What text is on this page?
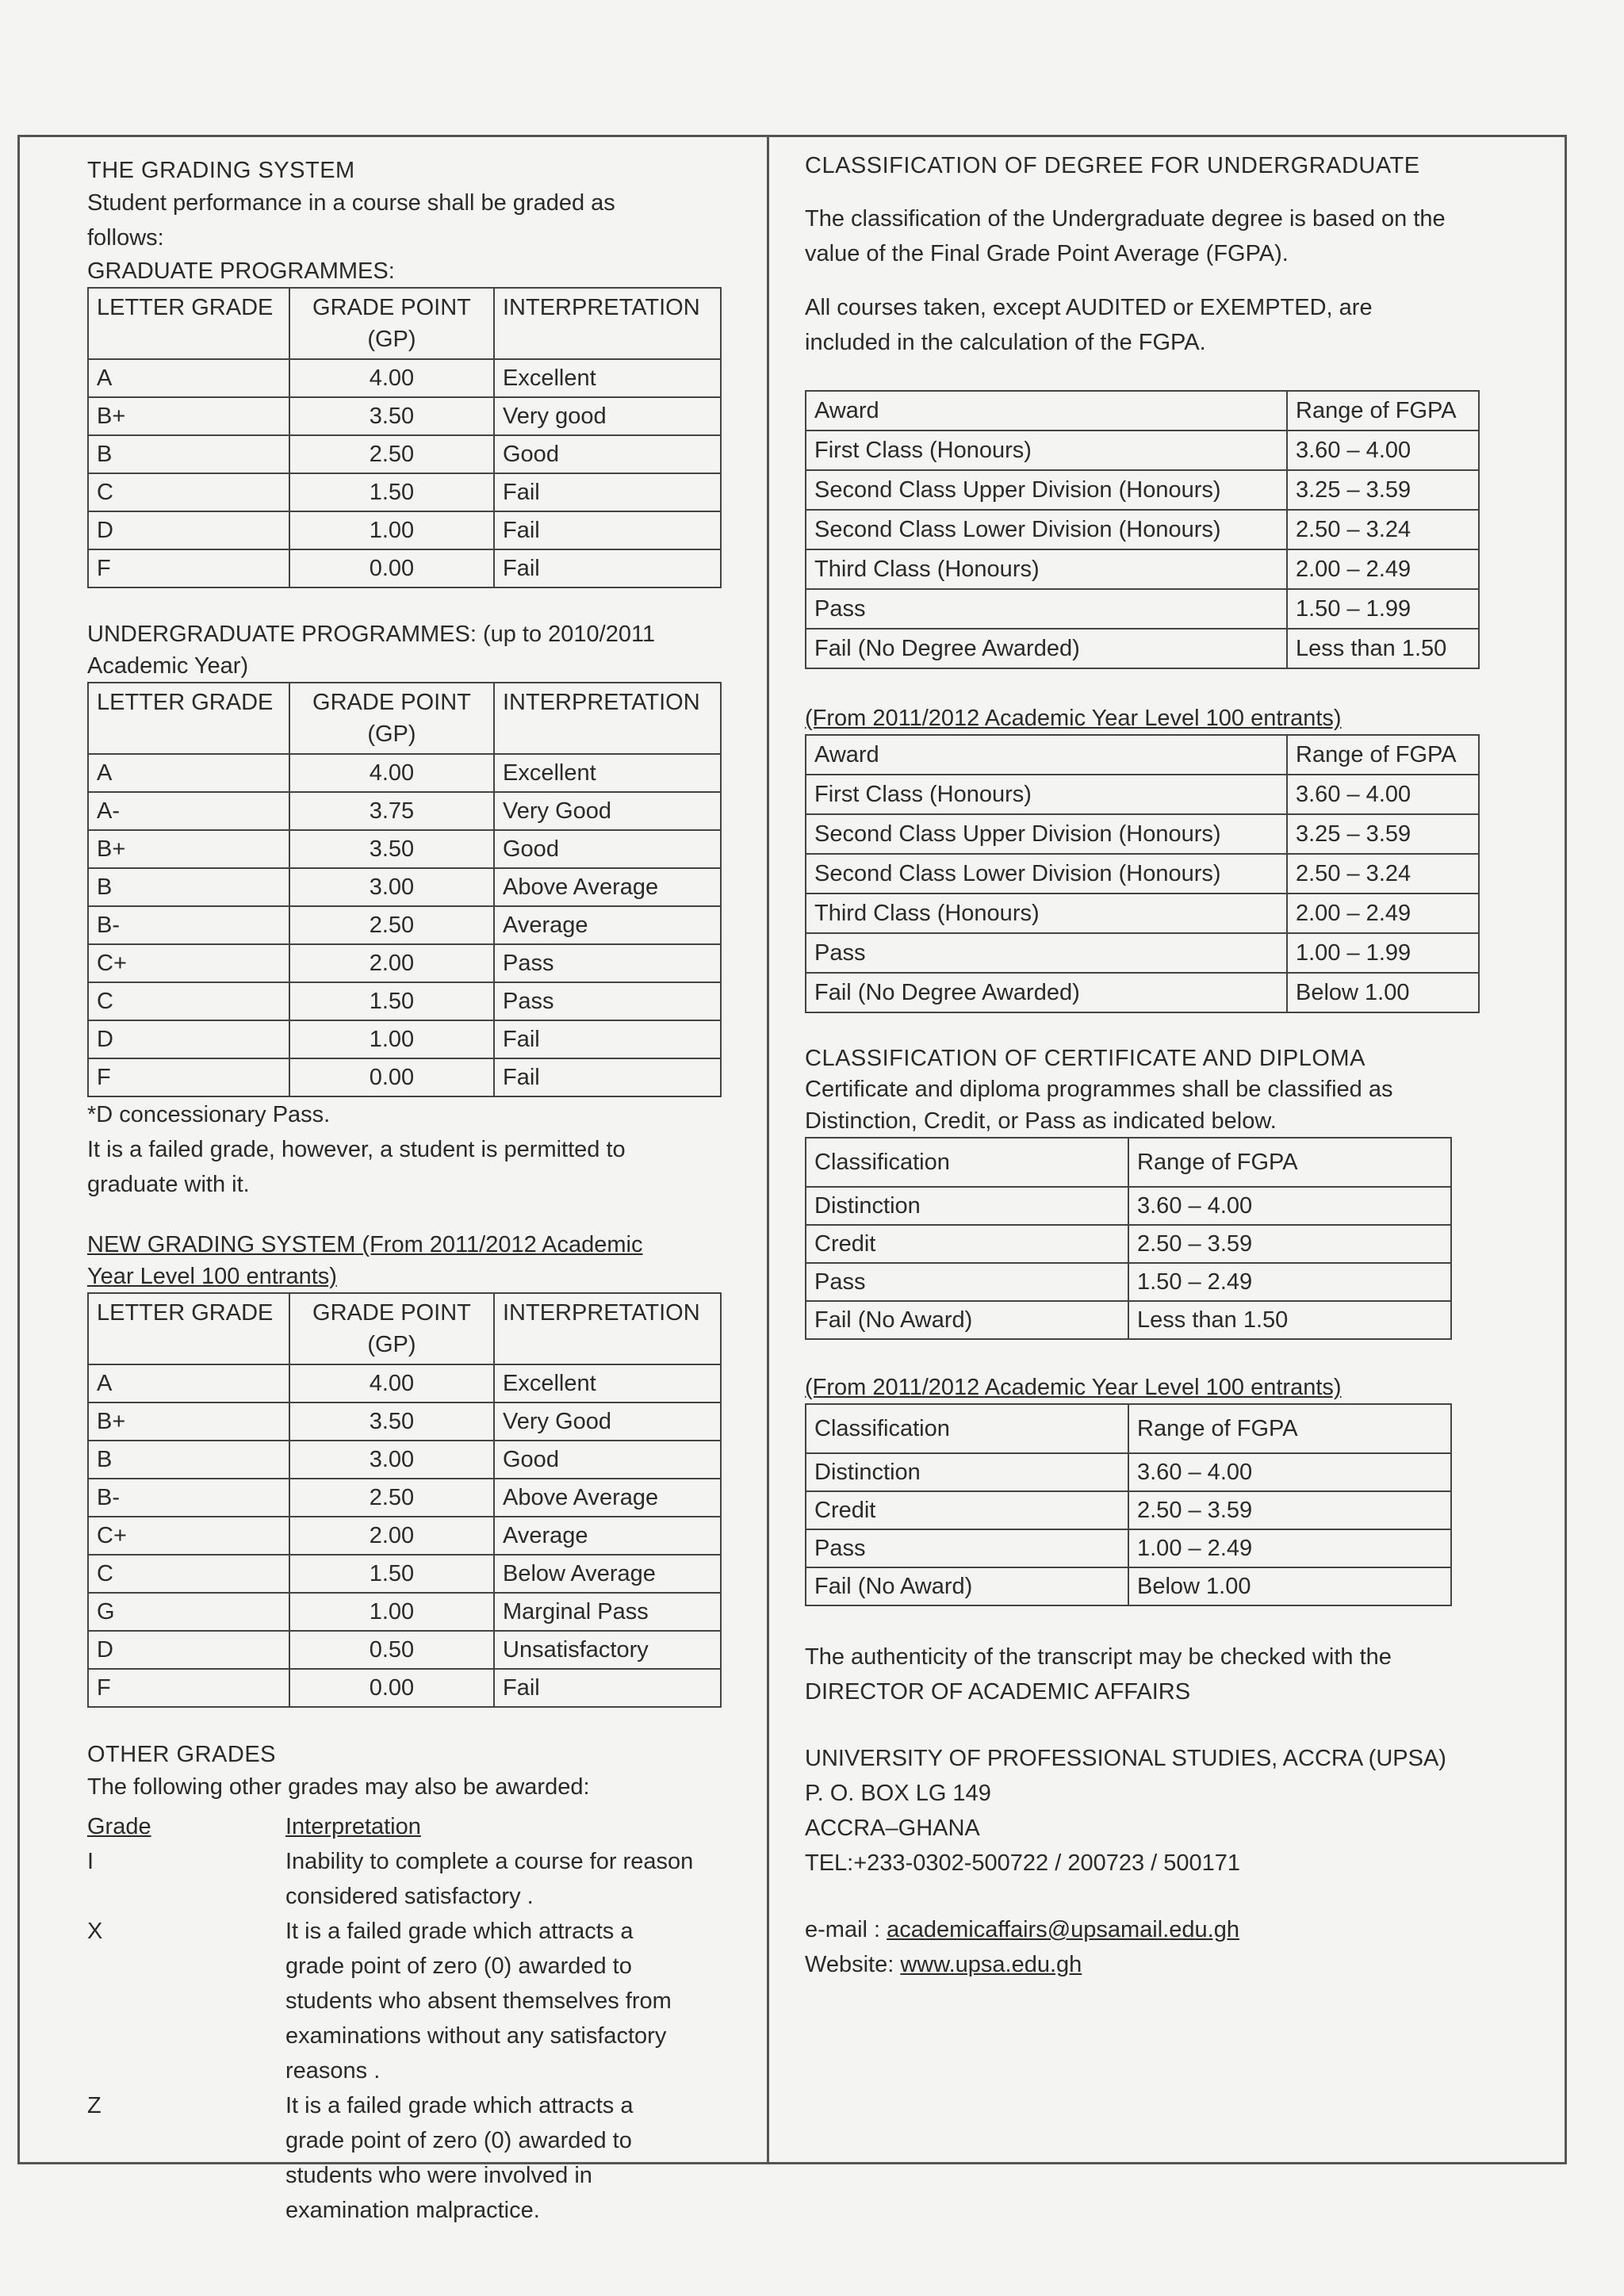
THE GRADING SYSTEM

Student performance in a course shall be graded as follows:

GRADUATE PROGRAMMES:

LETTER GRADE	GRADE POINT (GP)	INTERPRETATION
A	4.00	Excellent
B+	3.50	Very good
B	2.50	Good
C	1.50	Fail
D	1.00	Fail
F	0.00	Fail

UNDERGRADUATE PROGRAMMES: (up to 2010/2011 Academic Year)

LETTER GRADE	GRADE POINT (GP)	INTERPRETATION
A	4.00	Excellent
A-	3.75	Very Good
B+	3.50	Good
B	3.00	Above Average
B-	2.50	Average
C+	2.00	Pass
C	1.50	Pass
D	1.00	Fail
F	0.00	Fail

*D concessionary Pass.

It is a failed grade, however, a student is permitted to graduate with it.

NEW GRADING SYSTEM (From 2011/2012 Academic Year Level 100 entrants)

LETTER GRADE	GRADE POINT (GP)	INTERPRETATION
A	4.00	Excellent
B+	3.50	Very Good
B	3.00	Good
B-	2.50	Above Average
C+	2.00	Average
C	1.50	Below Average
G	1.00	Marginal Pass
D	0.50	Unsatisfactory
F	0.00	Fail

OTHER GRADES

The following other grades may also be awarded:

Grade	Interpretation
I	Inability to complete a course for reason considered satisfactory .
X	It is a failed grade which attracts a grade point of zero (0) awarded to students who absent themselves from examinations without any satisfactory reasons .
Z	It is a failed grade which attracts a grade point of zero (0) awarded to students who were involved in examination malpractice.

CLASSIFICATION OF DEGREE FOR UNDERGRADUATE

The classification of the Undergraduate degree is based on the value of the Final Grade Point Average (FGPA).

All courses taken, except AUDITED or EXEMPTED, are included in the calculation of the FGPA.

Award	Range of FGPA
First Class (Honours)	3.60 – 4.00
Second Class Upper Division (Honours)	3.25 – 3.59
Second Class Lower Division (Honours)	2.50 – 3.24
Third Class (Honours)	2.00 – 2.49
Pass	1.50 – 1.99
Fail (No Degree Awarded)	Less than 1.50

(From 2011/2012 Academic Year Level 100 entrants)

Award	Range of FGPA
First Class (Honours)	3.60 – 4.00
Second Class Upper Division (Honours)	3.25 – 3.59
Second Class Lower Division (Honours)	2.50 – 3.24
Third Class (Honours)	2.00 – 2.49
Pass	1.00 – 1.99
Fail (No Degree Awarded)	Below 1.00

CLASSIFICATION OF CERTIFICATE AND DIPLOMA

Certificate and diploma programmes shall be classified as Distinction, Credit, or Pass as indicated below.

Classification	Range of FGPA
Distinction	3.60 – 4.00
Credit	2.50 – 3.59
Pass	1.50 – 2.49
Fail (No Award)	Less than 1.50

(From 2011/2012 Academic Year Level 100 entrants)

Classification	Range of FGPA
Distinction	3.60 – 4.00
Credit	2.50 – 3.59
Pass	1.00 – 2.49
Fail (No Award)	Below 1.00

The authenticity of the transcript may be checked with the DIRECTOR OF ACADEMIC AFFAIRS

UNIVERSITY OF PROFESSIONAL STUDIES, ACCRA (UPSA)

P. O. BOX LG 149

ACCRA–GHANA

TEL:+233-0302-500722 / 200723 / 500171

e-mail : academicaffairs@upsamail.edu.gh

Website: www.upsa.edu.gh
